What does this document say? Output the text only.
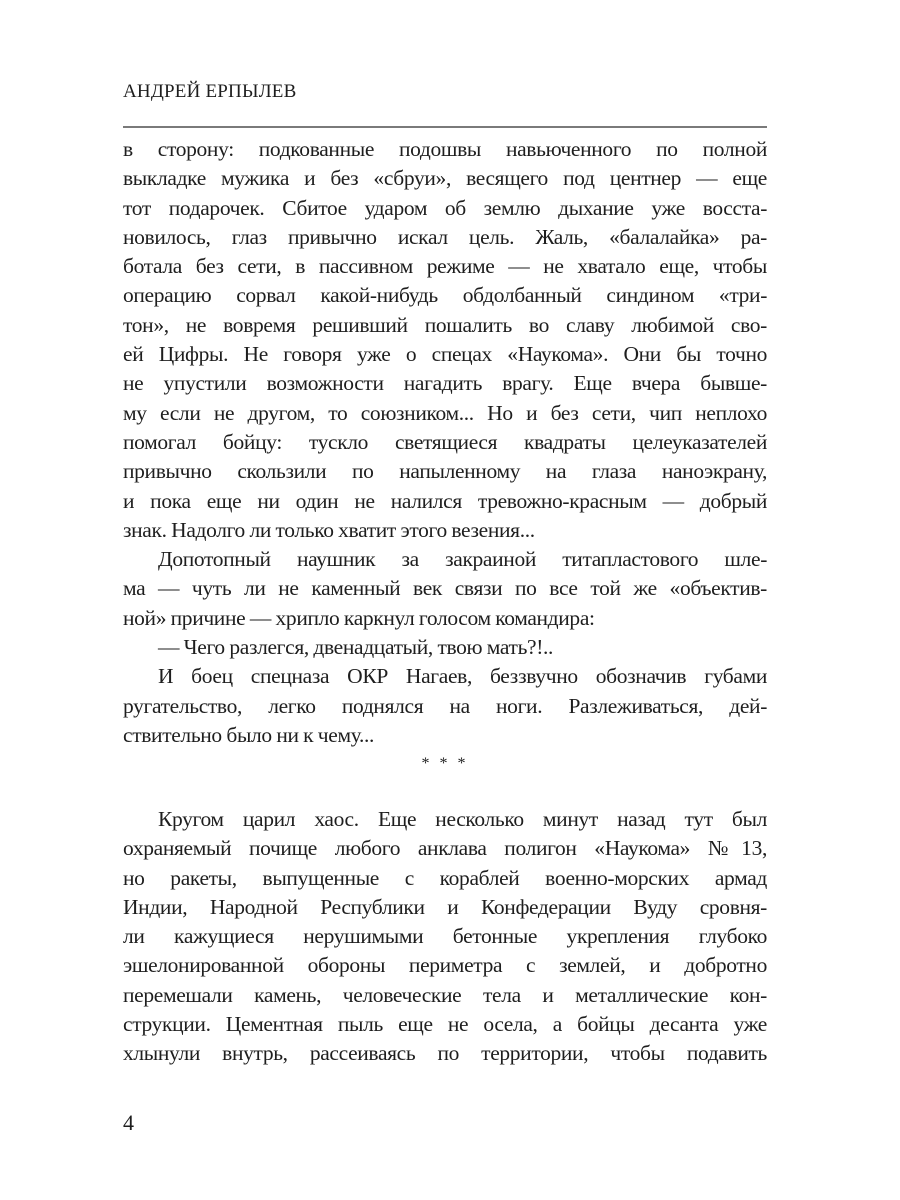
АНДРЕЙ ЕРПЫЛЕВ
в сторону: подкованные подошвы навьюченного по полной
выкладке мужика и без «сбруи», весящего под центнер — еще
тот подарочек. Сбитое ударом об землю дыхание уже восста-
новилось, глаз привычно искал цель. Жаль, «балалайка» ра-
ботала без сети, в пассивном режиме — не хватало еще, чтобы
операцию сорвал какой-нибудь обдолбанный синдином «три-
тон», не вовремя решивший пошалить во славу любимой сво-
ей Цифры. Не говоря уже о спецах «Наукома». Они бы точно
не упустили возможности нагадить врагу. Еще вчера бывше-
му если не другом, то союзником... Но и без сети, чип неплохо
помогал бойцу: тускло светящиеся квадраты целеуказателей
привычно скользили по напыленному на глаза наноэкрану,
и пока еще ни один не налился тревожно-красным — добрый
знак. Надолго ли только хватит этого везения...
Допотопный наушник за закраиной титапластового шле-
ма — чуть ли не каменный век связи по все той же «объектив-
ной» причине — хрипло каркнул голосом командира:
— Чего разлегся, двенадцатый, твою мать?!..
И боец спецназа ОКР Нагаев, беззвучно обозначив губами
ругательство, легко поднялся на ноги. Разлеживаться, дей-
ствительно было ни к чему...
* * *
Кругом царил хаос. Еще несколько минут назад тут был
охраняемый почище любого анклава полигон «Наукома» №13,
но ракеты, выпущенные с кораблей военно-морских армад
Индии, Народной Республики и Конфедерации Вуду сровня-
ли кажущиеся нерушимыми бетонные укрепления глубоко
эшелонированной обороны периметра с землей, и добротно
перемешали камень, человеческие тела и металлические кон-
струкции. Цементная пыль еще не осела, а бойцы десанта уже
хлынули внутрь, рассеиваясь по территории, чтобы подавить
4
